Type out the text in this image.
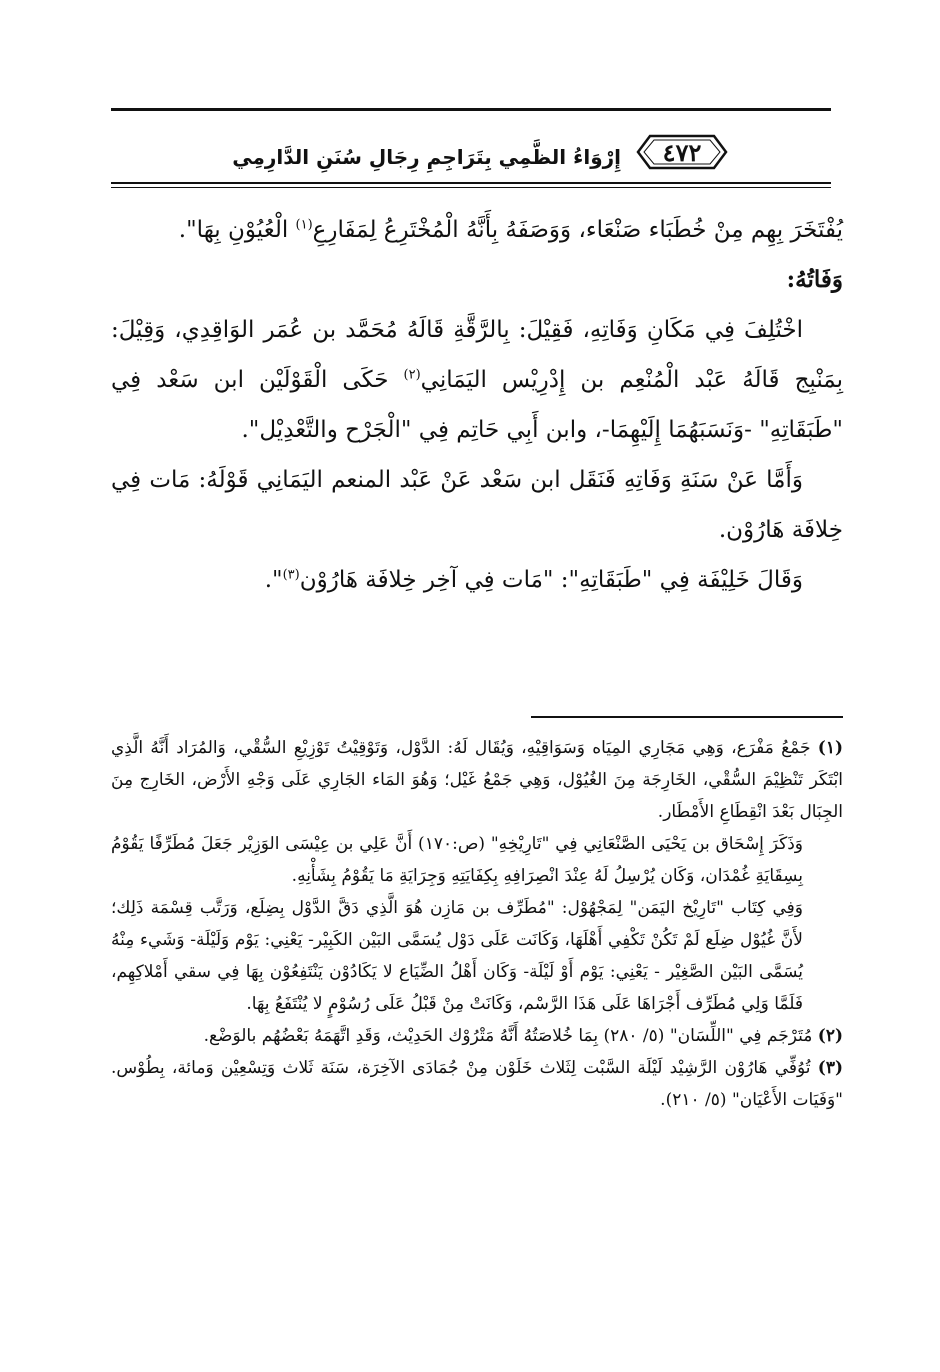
٤٧٢
إِرْوَاءُ الظَّمِي بِتَرَاجِمِ رِجَالِ سُنَنِ الدَّارِمِي

يُفْتَخَرَ بِهِم مِنْ خُطَبَاء صَنْعَاء، وَوَصَفَهُ بِأَنَّهُ الْمُخْتَرِعُ لِمَفَارِعِ$^{(١)}$ الْعُيُوْنِ بِهَا".

وَفَاتُهُ:

اخْتُلِفَ فِي مَكَانِ وَفَاتِهِ، فَقِيْلَ: بِالرَّقَّةِ قَالَهُ مُحَمَّد بن عُمَر الوَاقِدِي، وَقِيْلَ: بِمَنْبِج قَالَهُ عَبْد الْمُنْعِم بن إِدْرِيْس اليَمَانِي$^{(٢)}$ حَكَى الْقَوْلَيْن ابن سَعْد فِي "طَبَقَاتِهِ" -وَنَسَبَهُمَا إِلَيْهِمَا-، وابن أَبِي حَاتِم فِي "الْجَرْح والتَّعْدِيْل".

وَأَمَّا عَنْ سَنَةِ وَفَاتِهِ فَنَقَل ابن سَعْد عَنْ عَبْد المنعم اليَمَانِي قَوْلَهُ: مَات فِي خِلافَة هَارُوْن.

وَقَالَ خَلِيْفَة فِي "طَبَقَاتِهِ": "مَات فِي آخِر خِلافَة هَارُوْن$^{(٣)}$".

(١) جَمْعُ مَفْرَع، وَهِي مَجَارِي المِيَاه وَسَوَاقِيْهِ، وَيُقَال لَهُ: الدَّوْل، وَتَوْقِيْتُ تَوْزِيْعِ السُّقْي، وَالمُرَاد أَنَّهُ الَّذِي ابْتَكَر تَنْظِيْمَ السُّقْي، الخَارِجَة مِنَ الغُيُوْل، وَهِي جَمْعُ غَيْل؛ وَهُوَ المَاء الجَارِي عَلَى وَجْهِ الأَرْض، الخَارِج مِنَ الجِبَال بَعْدَ انْقِطَاعِ الأَمْطَار.

وَذَكَرَ إِسْحَاق بن يَحْيَى الصَّنْعَانِي فِي "تَارِيْخِهِ" (ص:١٧٠) أَنَّ عَلِي بن عِيْسَى الوَزِيْر جَعَلَ مُطَرِّفًا يَقُوْمُ بِسِقَايَةِ غُمْدَان، وَكَان يُرْسِلُ لَهُ عِنْدَ انْصِرَافِهِ بِكِفَايَتِهِ وَجِرَايَةِ مَا يَقُوْمُ بِشَأْنِهِ.

وَفِي كِتَاب "تَارِيْخ اليَمَن" لِمَجْهُوْل: "مُطَرِّف بن مَازِن هُوَ الَّذِي دَقَّ الدَّوْل بِضِلَع، وَرَتَّب قِسْمَة ذَلِك؛ لأَنَّ غُيُوْل ضِلَع لَمْ تَكُنْ تَكْفِي أَهْلَهَا، وَكَانَت عَلَى دَوْل يُسَمَّى البَيْن الكَبِيْر- يَعْنِي: يَوْم وَلَيْلَة- وَشَيء مِنْهُ يُسَمَّى البَيْن الصَّغِيْر - يَعْنِي: يَوْم أَوْ لَيْلَة- وَكَان أَهْلُ الضِّيَاع لا يَكَادُوْن يَنْتَفِعُوْن بِهَا فِي سقي أَمْلاكِهِم، فَلَمَّا وَلِي مُطَرِّف أَجْرَاهَا عَلَى هَذَا الرَّسْم، وَكَانَتْ مِنْ قَبْلُ عَلَى رُسُوْمٍ لا يُنْتَفَعُ بِهَا.

(٢) مُتَرْجَم فِي "اللِّسَان" (٥/ ٢٨٠) بِمَا خُلاصَتُهُ أَنَّهُ مَتْرُوْك الحَدِيْث، وَقَدِ اتَّهَمَهُ بَعْضُهُم بالوَضْع.

(٣) تُوُفِّي هَارُوْن الرَّشِيْد لَيْلَة السَّبْت لِثَلاث خَلَوْن مِنْ جُمَادَى الآخِرَة، سَنَة ثَلاث وَتِسْعِيْن وَمائة، بِطُوْس. "وَفَيَات الأَعْيَان" (٥/ ٢١٠).
